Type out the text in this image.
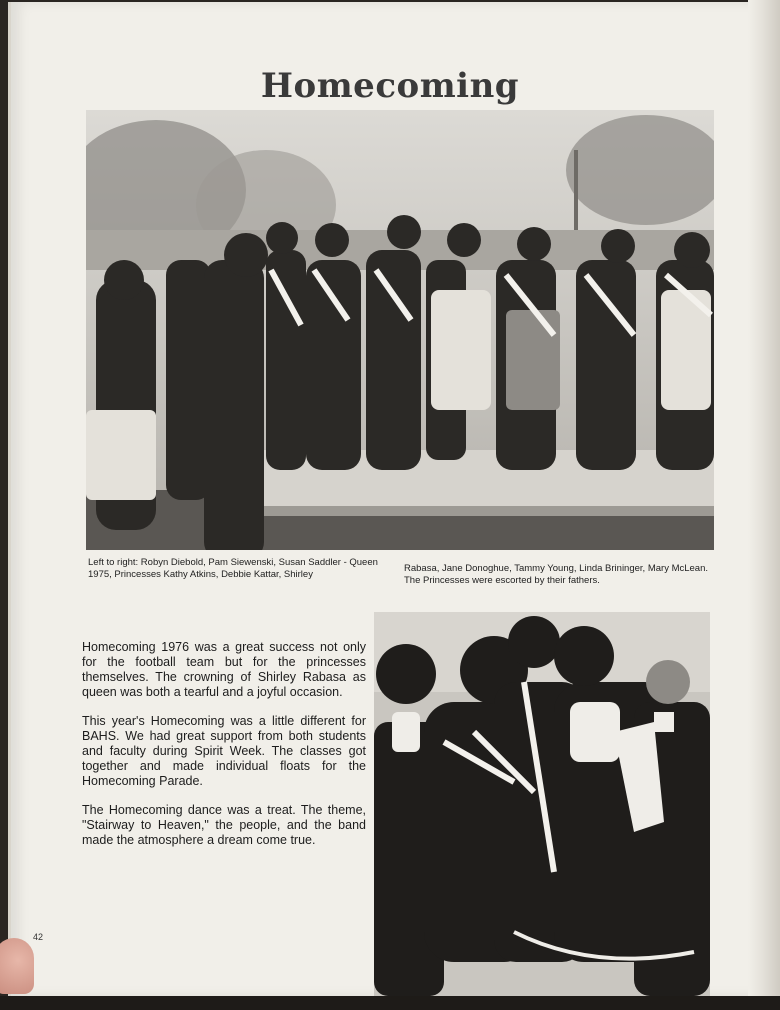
Homecoming
Left to right: Robyn Diebold, Pam Siewenski, Susan Saddler - Queen 1975, Princesses Kathy Atkins, Debbie Kattar, Shirley
Rabasa, Jane Donoghue, Tammy Young, Linda Brininger, Mary McLean. The Princesses were escorted by their fathers.

Homecoming 1976 was a great success not only for the football team but for the princesses themselves. The crowning of Shirley Rabasa as queen was both a tearful and a joyful occasion.

This year's Homecoming was a little different for BAHS. We had great support from both students and faculty during Spirit Week. The classes got together and made individual floats for the Homecoming Parade.

The Homecoming dance was a treat. The theme, "Stairway to Heaven," the people, and the band made the atmosphere a dream come true.

42
